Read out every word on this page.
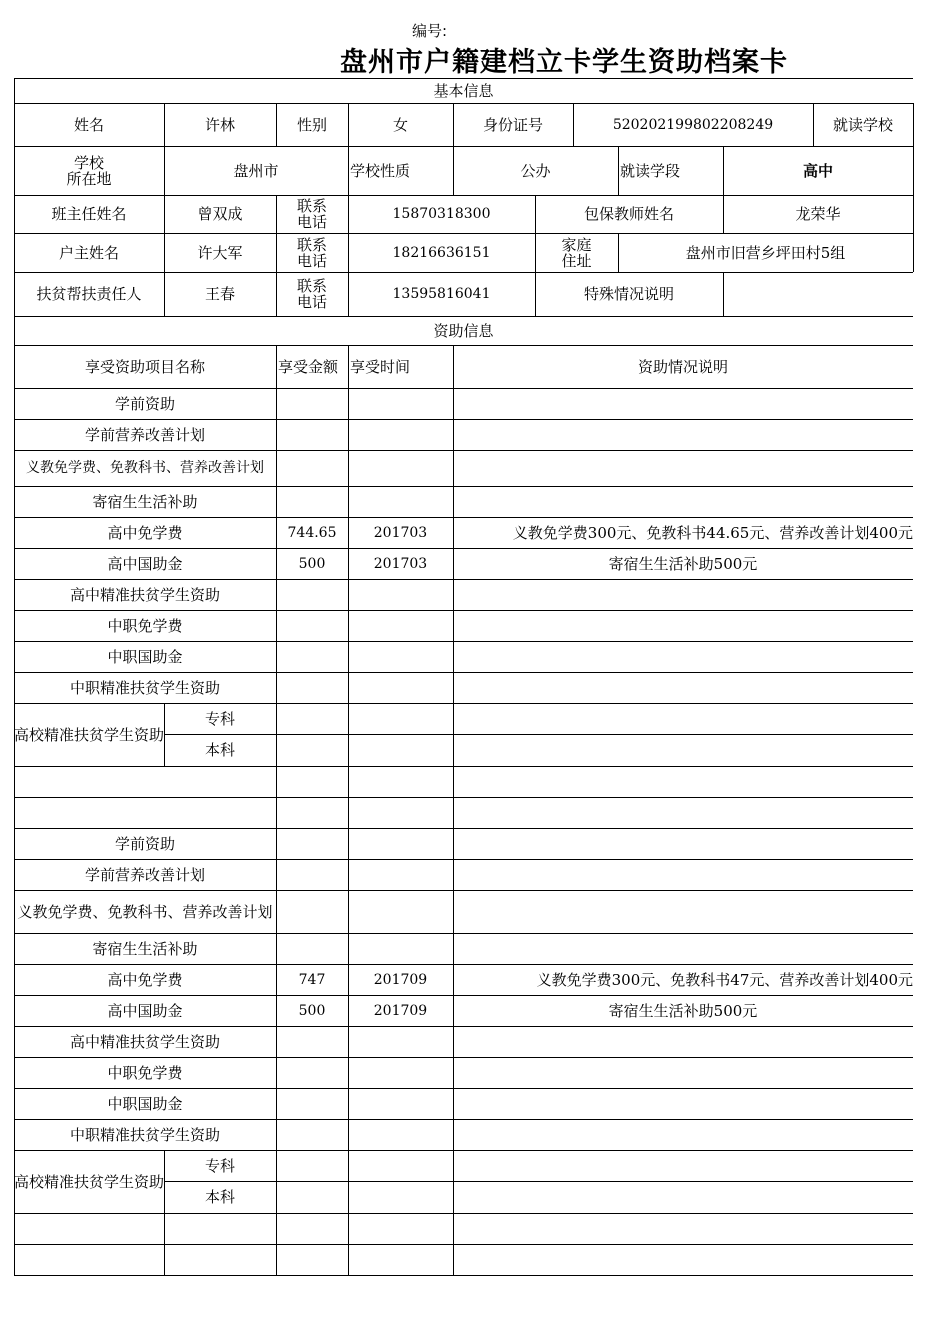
编号:
盘州市户籍建档立卡学生资助档案卡
基本信息
姓名	许林	性别	女	身份证号	520202199802208249	就读学校
学校
所在地	盘州市	学校性质	公办	就读学段	高中
班主任姓名	曾双成	联系
电话	15870318300	包保教师姓名	龙荣华
户主姓名	许大军	联系
电话	18216636151	家庭
住址	盘州市旧营乡坪田村5组
扶贫帮扶责任人	王春	联系
电话	13595816041	特殊情况说明
资助信息
享受资助项目名称	享受金额 享受时间	资助情况说明
学前资助
学前营养改善计划
义教免学费、免教科书、营养改善计划
寄宿生生活补助
高中免学费	744.65	201703	义教免学费300元、免教科书44.65元、营养改善计划400元
高中国助金	500	201703	寄宿生生活补助500元
高中精准扶贫学生资助
中职免学费
中职国助金
中职精准扶贫学生资助
高校精准扶贫学生资助
专科
本科
学前资助
学前营养改善计划
义教免学费、免教科书、营养改善计划
寄宿生生活补助
高中免学费	747	201709	义教免学费300元、免教科书47元、营养改善计划400元
高中国助金	500	201709	寄宿生生活补助500元
高中精准扶贫学生资助
中职免学费
中职国助金
中职精准扶贫学生资助
高校精准扶贫学生资助
专科
本科
